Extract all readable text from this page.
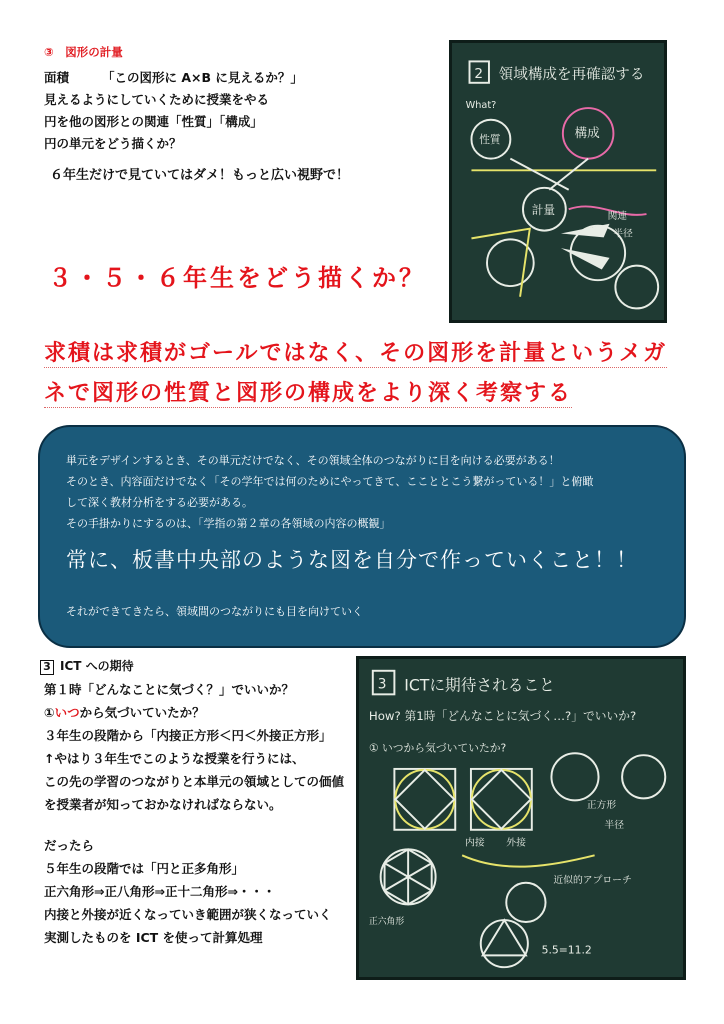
③　図形の計量
面積	「この図形に A×B に見えるか？」
見えるようにしていくために授業をやる
円を他の図形との関連「性質」「構成」
円の単元をどう描くか？
６年生だけで見ていてはダメ！もっと広い視野で！
2 領域構成を再確認する
What?
構成
性質
計量	関連
半径
３・５・６年生をどう描くか？
求積は求積がゴールではなく、その図形を計量というメガ
ネで図形の性質と図形の構成をより深く考察する
単元をデザインするとき、その単元だけでなく、その領域全体のつながりに目を向ける必要がある！
そのとき、内容面だけでなく「その学年では何のためにやってきて、ここととこう繋がっている！」と俯瞰
して深く教材分析をする必要がある。
その手掛かりにするのは、「学指の第２章の各領域の内容の概観」
常に、板書中央部のような図を自分で作っていくこと！！
それができてきたら、領域間のつながりにも目を向けていく
3 ICT への期待
第１時「どんなことに気づく？」でいいか？
①いつから気づいていたか？
３年生の段階から「内接正方形＜円＜外接正方形」
↑やはり３年生でこのような授業を行うには、
この先の学習のつながりと本単元の領域としての価値
を授業者が知っておかなければならない。
だったら
５年生の段階では「円と正多角形」
正六角形⇒正八角形⇒正十二角形⇒・・・
内接と外接が近くなっていき範囲が狭くなっていく
実測したものを ICT を使って計算処理
3 ICTに期待されること
How? 第1時「どんなことに気づく…?」でいいか?
① いつから気づいていたか?
正方形
半径
内接 外接
近似的アプローチ
正六角形
5.5=11.2
